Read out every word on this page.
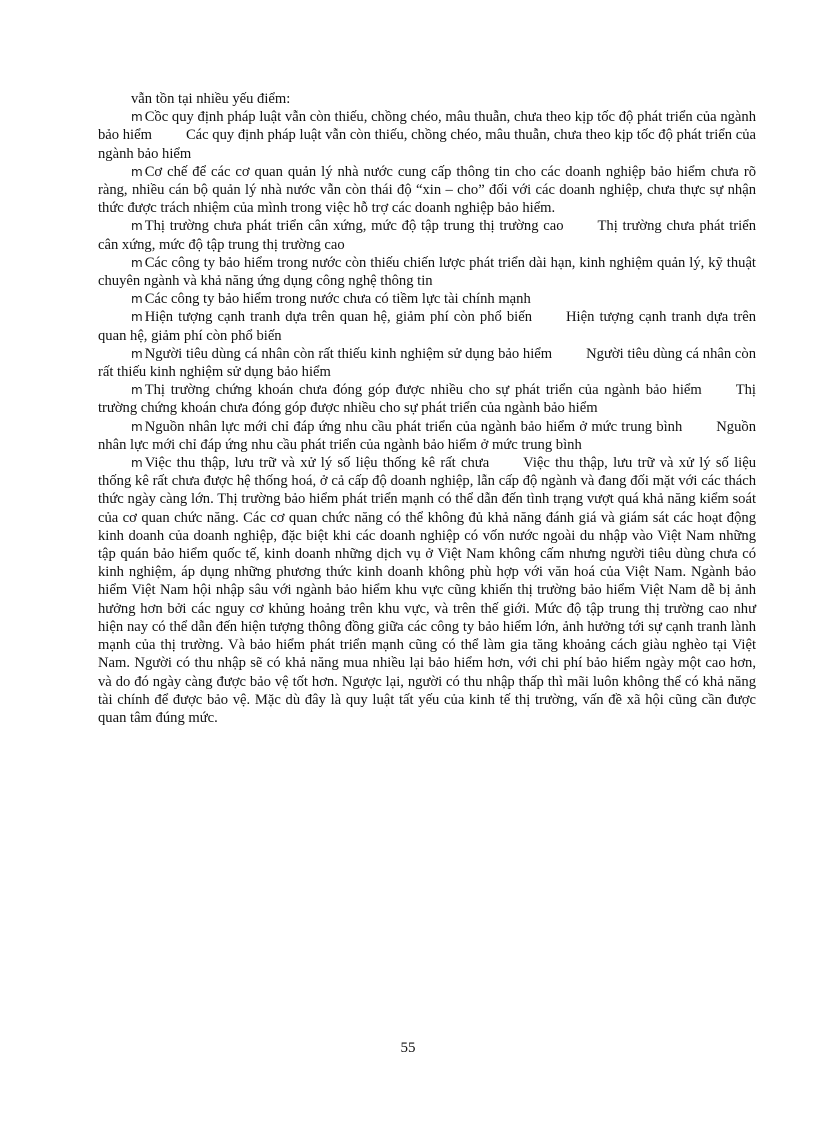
vẫn tồn tại nhiều yếu điểm:

m Cồc quy định pháp luật vẫn còn thiếu, chồng chéo, mâu thuẫn, chưa theo kịp tốc độ phát triển của ngành bảo hiểm Các quy định pháp luật vẫn còn thiếu, chồng chéo, mâu thuẫn, chưa theo kịp tốc độ phát triển của ngành bảo hiểm

m Cơ chế để các cơ quan quản lý nhà nước cung cấp thông tin cho các doanh nghiệp bảo hiểm chưa rõ ràng, nhiều cán bộ quản lý nhà nước vẫn còn thái độ “xin – cho” đối với các doanh nghiệp, chưa thực sự nhận thức được trách nhiệm của mình trong việc hỗ trợ các doanh nghiệp bảo hiểm.

m Thị trường chưa phát triển cân xứng, mức độ tập trung thị trường cao Thị trường chưa phát triển cân xứng, mức độ tập trung thị trường cao

m Các công ty bảo hiểm trong nước còn thiếu chiến lược phát triển dài hạn, kinh nghiệm quản lý, kỹ thuật chuyên ngành và khả năng ứng dụng công nghệ thông tin

m Các công ty bảo hiểm trong nước chưa có tiềm lực tài chính mạnh

m Hiện tượng cạnh tranh dựa trên quan hệ, giảm phí còn phổ biến Hiện tượng cạnh tranh dựa trên quan hệ, giảm phí còn phổ biến

m Người tiêu dùng cá nhân còn rất thiếu kinh nghiệm sử dụng bảo hiểm Người tiêu dùng cá nhân còn rất thiếu kinh nghiệm sử dụng bảo hiểm

m Thị trường chứng khoán chưa đóng góp được nhiều cho sự phát triển của ngành bảo hiểm Thị trường chứng khoán chưa đóng góp được nhiều cho sự phát triển của ngành bảo hiểm

m Nguồn nhân lực mới chỉ đáp ứng nhu cầu phát triển của ngành bảo hiểm ở mức trung bình Nguồn nhân lực mới chỉ đáp ứng nhu cầu phát triển của ngành bảo hiểm ở mức trung bình

m Việc thu thập, lưu trữ và xử lý số liệu thống kê rất chưa Việc thu thập, lưu trữ và xử lý số liệu thống kê rất chưa được hệ thống hoá, ở cả cấp độ doanh nghiệp, lẫn cấp độ ngành và đang đối mặt với các thách thức ngày càng lớn. Thị trường bảo hiểm phát triển mạnh có thể dẫn đến tình trạng vượt quá khả năng kiểm soát của cơ quan chức năng. Các cơ quan chức năng có thể không đủ khả năng đánh giá và giám sát các hoạt động kinh doanh của doanh nghiệp, đặc biệt khi các doanh nghiệp có vốn nước ngoài du nhập vào Việt Nam những tập quán bảo hiểm quốc tế, kinh doanh những dịch vụ ở Việt Nam không cấm nhưng người tiêu dùng chưa có kinh nghiệm, áp dụng những phương thức kinh doanh không phù hợp với văn hoá của Việt Nam. Ngành bảo hiểm Việt Nam hội nhập sâu với ngành bảo hiểm khu vực cũng khiến thị trường bảo hiểm Việt Nam dễ bị ảnh hưởng hơn bởi các nguy cơ khủng hoảng trên khu vực, và trên thế giới. Mức độ tập trung thị trường cao như hiện nay có thể dẫn đến hiện tượng thông đồng giữa các công ty bảo hiểm lớn, ảnh hưởng tới sự cạnh tranh lành mạnh của thị trường. Và bảo hiểm phát triển mạnh cũng có thể làm gia tăng khoảng cách giàu nghèo tại Việt Nam. Người có thu nhập sẽ có khả năng mua nhiều lại bảo hiểm hơn, với chi phí bảo hiểm ngày một cao hơn, và do đó ngày càng được bảo vệ tốt hơn. Ngược lại, người có thu nhập thấp thì mãi luôn không thể có khả năng tài chính để được bảo vệ. Mặc dù đây là quy luật tất yếu của kinh tế thị trường, vấn đề xã hội cũng cần được quan tâm đúng mức.

55
